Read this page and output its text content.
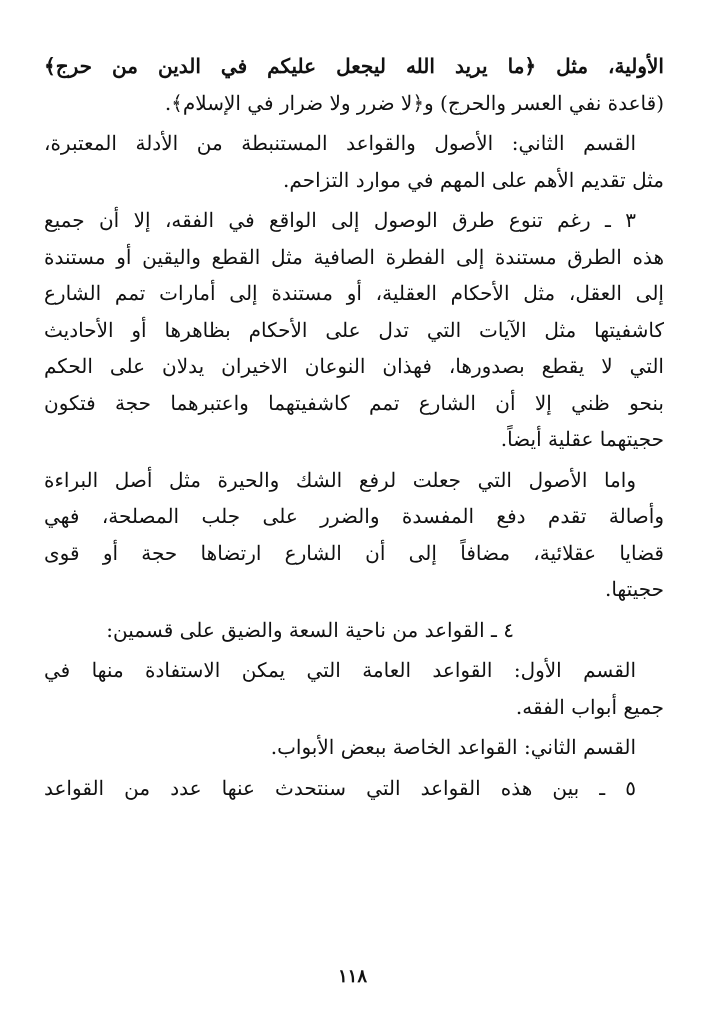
الأولية، مثل ﴿ما يريد الله ليجعل عليكم في الدين من حرج﴾
(قاعدة نفي العسر والحرج) و﴿لا ضرر ولا ضرار في الإسلام﴾.

القسم الثاني: الأصول والقواعد المستنبطة من الأدلة المعتبرة،
مثل تقديم الأهم على المهم في موارد التزاحم.

٣ ـ رغم تنوع طرق الوصول إلى الواقع في الفقه، إلا أن جميع
هذه الطرق مستندة إلى الفطرة الصافية مثل القطع واليقين أو مستندة
إلى العقل، مثل الأحكام العقلية، أو مستندة إلى أمارات تمم الشارع
كاشفيتها مثل الآيات التي تدل على الأحكام بظاهرها أو الأحاديث
التي لا يقطع بصدورها، فهذان النوعان الاخيران يدلان على الحكم
بنحو ظني إلا أن الشارع تمم كاشفيتهما واعتبرهما حجة فتكون
حجيتهما عقلية أيضاً.

واما الأصول التي جعلت لرفع الشك والحيرة مثل أصل البراءة
وأصالة تقدم دفع المفسدة والضرر على جلب المصلحة، فهي
قضايا عقلائية، مضافاً إلى أن الشارع ارتضاها حجة أو قوى
حجيتها.

٤ ـ القواعد من ناحية السعة والضيق على قسمين:

القسم الأول: القواعد العامة التي يمكن الاستفادة منها في
جميع أبواب الفقه.

القسم الثاني: القواعد الخاصة ببعض الأبواب.

٥ ـ بين هذه القواعد التي سنتحدث عنها عدد من القواعد

١١٨
